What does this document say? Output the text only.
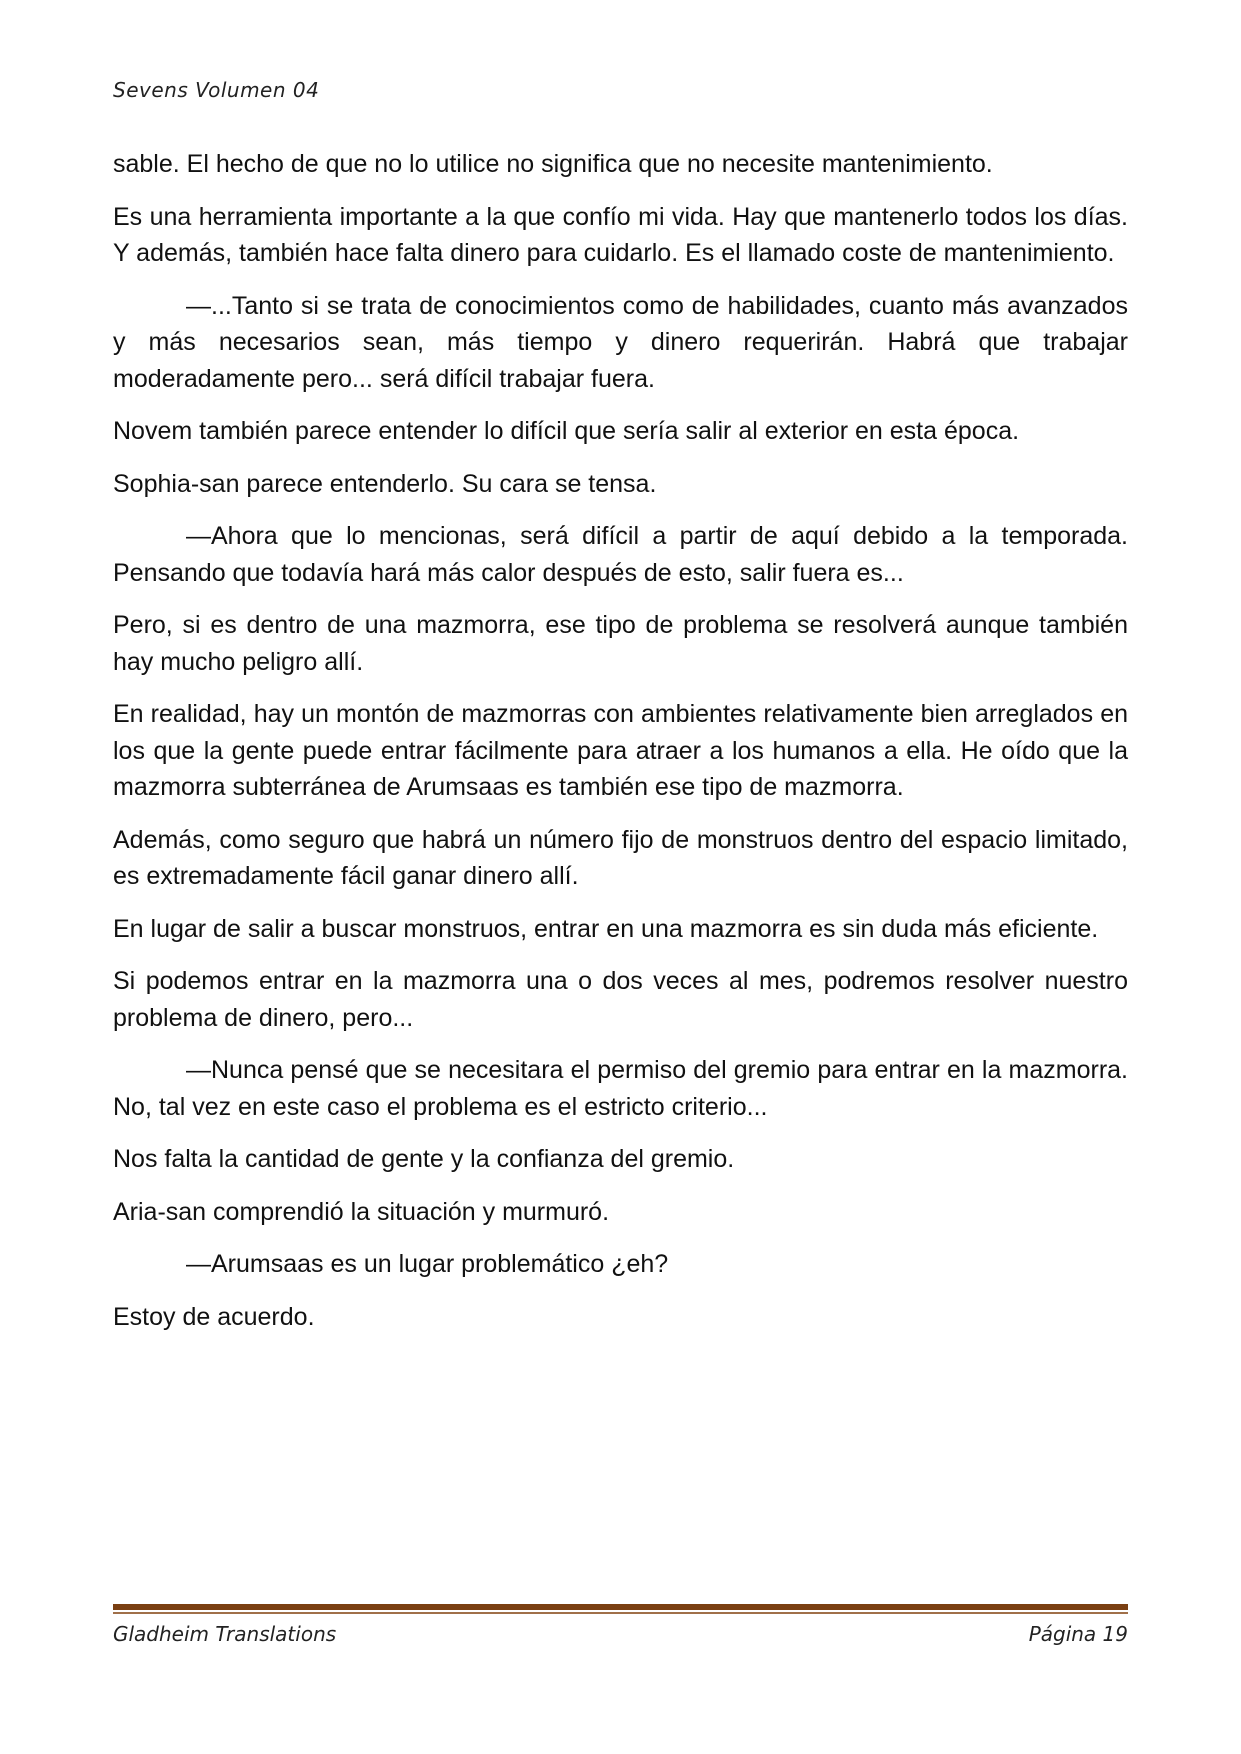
Sevens Volumen 04

sable. El hecho de que no lo utilice no significa que no necesite mantenimiento.

Es una herramienta importante a la que confío mi vida. Hay que mantenerlo todos los días. Y además, también hace falta dinero para cuidarlo. Es el llamado coste de mantenimiento.

—...Tanto si se trata de conocimientos como de habilidades, cuanto más avanzados y más necesarios sean, más tiempo y dinero requerirán. Habrá que trabajar moderadamente pero... será difícil trabajar fuera.

Novem también parece entender lo difícil que sería salir al exterior en esta época.

Sophia-san parece entenderlo. Su cara se tensa.

—Ahora que lo mencionas, será difícil a partir de aquí debido a la temporada. Pensando que todavía hará más calor después de esto, salir fuera es...

Pero, si es dentro de una mazmorra, ese tipo de problema se resolverá aunque también hay mucho peligro allí.

En realidad, hay un montón de mazmorras con ambientes relativamente bien arreglados en los que la gente puede entrar fácilmente para atraer a los humanos a ella. He oído que la mazmorra subterránea de Arumsaas es también ese tipo de mazmorra.

Además, como seguro que habrá un número fijo de monstruos dentro del espacio limitado, es extremadamente fácil ganar dinero allí.

En lugar de salir a buscar monstruos, entrar en una mazmorra es sin duda más eficiente.

Si podemos entrar en la mazmorra una o dos veces al mes, podremos resolver nuestro problema de dinero, pero...

—Nunca pensé que se necesitara el permiso del gremio para entrar en la mazmorra. No, tal vez en este caso el problema es el estricto criterio...

Nos falta la cantidad de gente y la confianza del gremio.

Aria-san comprendió la situación y murmuró.

—Arumsaas es un lugar problemático ¿eh?

Estoy de acuerdo.

Gladheim Translations	Página 19
